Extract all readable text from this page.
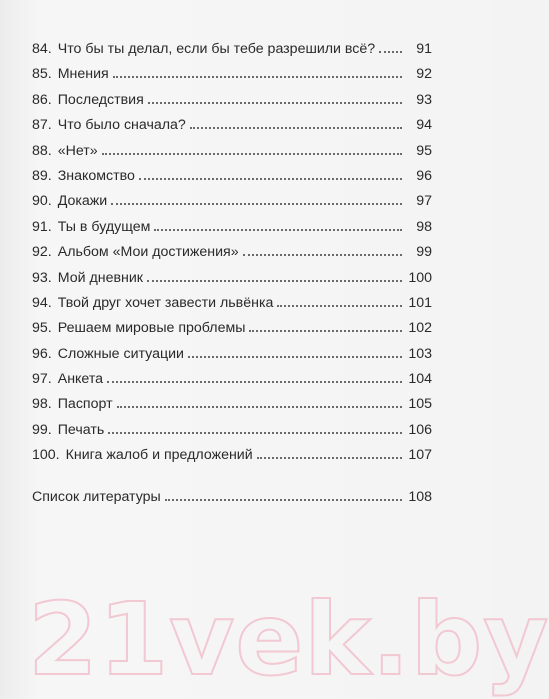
84. Что бы ты делал, если бы тебе разрешили всё?	91
85. Мнения	92
86. Последствия	93
87. Что было сначала?	94
88. «Нет»	95
89. Знакомство	96
90. Докажи	97
91. Ты в будущем	98
92. Альбом «Мои достижения»	99
93. Мой дневник	100
94. Твой друг хочет завести львёнка	101
95. Решаем мировые проблемы	102
96. Сложные ситуации	103
97. Анкета	104
98. Паспорт	105
99. Печать	106
100. Книга жалоб и предложений	107
Список литературы	108
21vek.by
